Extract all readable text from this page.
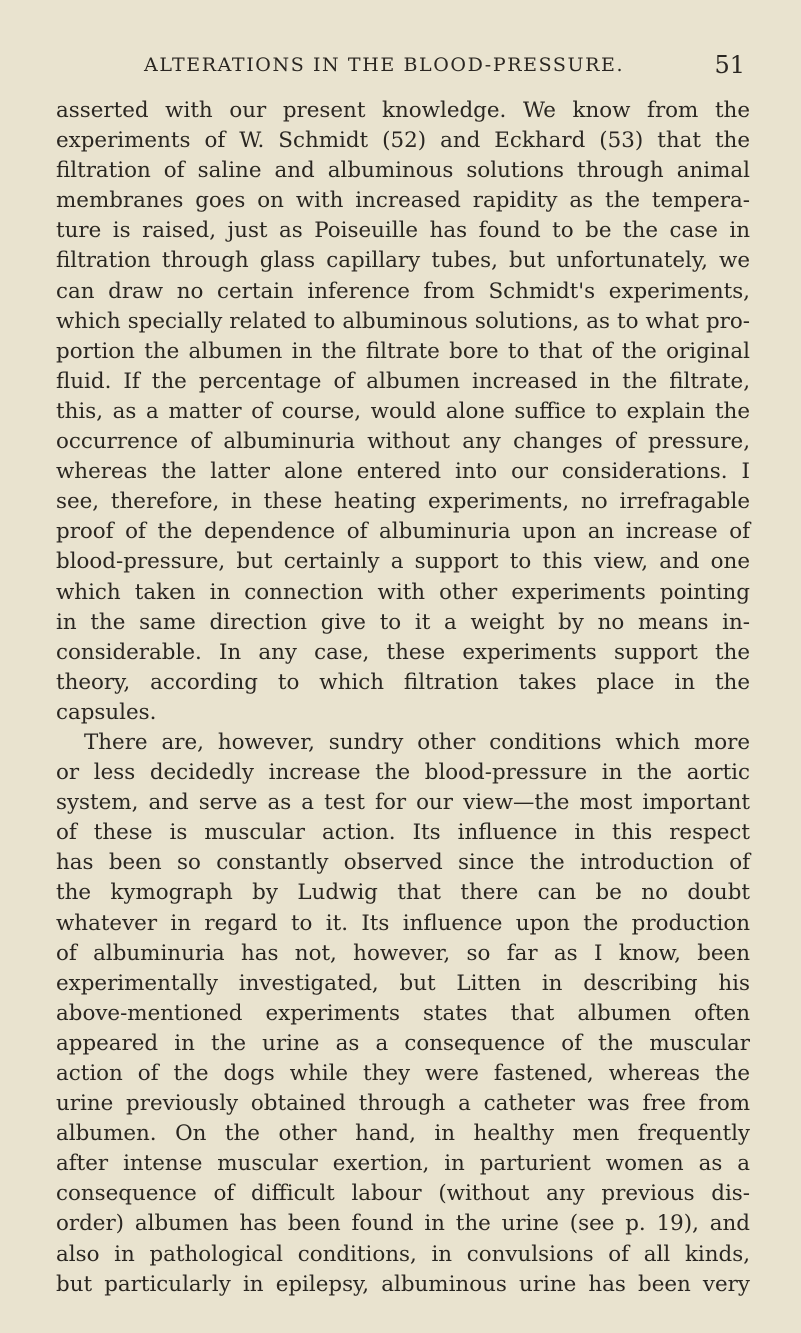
ALTERATIONS IN THE BLOOD-PRESSURE.	51
asserted with our present knowledge. We know from the
experiments of W. Schmidt (52) and Eckhard (53) that the
filtration of saline and albuminous solutions through animal
membranes goes on with increased rapidity as the tempera-
ture is raised, just as Poiseuille has found to be the case in
filtration through glass capillary tubes, but unfortunately, we
can draw no certain inference from Schmidt's experiments,
which specially related to albuminous solutions, as to what pro-
portion the albumen in the filtrate bore to that of the original
fluid. If the percentage of albumen increased in the filtrate,
this, as a matter of course, would alone suffice to explain the
occurrence of albuminuria without any changes of pressure,
whereas the latter alone entered into our considerations. I
see, therefore, in these heating experiments, no irrefragable
proof of the dependence of albuminuria upon an increase of
blood-pressure, but certainly a support to this view, and one
which taken in connection with other experiments pointing
in the same direction give to it a weight by no means in-
considerable. In any case, these experiments support the
theory, according to which filtration takes place in the
capsules.
There are, however, sundry other conditions which more
or less decidedly increase the blood-pressure in the aortic
system, and serve as a test for our view—the most important
of these is muscular action. Its influence in this respect
has been so constantly observed since the introduction of
the kymograph by Ludwig that there can be no doubt
whatever in regard to it. Its influence upon the production
of albuminuria has not, however, so far as I know, been
experimentally investigated, but Litten in describing his
above-mentioned experiments states that albumen often
appeared in the urine as a consequence of the muscular
action of the dogs while they were fastened, whereas the
urine previously obtained through a catheter was free from
albumen. On the other hand, in healthy men frequently
after intense muscular exertion, in parturient women as a
consequence of difficult labour (without any previous dis-
order) albumen has been found in the urine (see p. 19), and
also in pathological conditions, in convulsions of all kinds,
but particularly in epilepsy, albuminous urine has been very
